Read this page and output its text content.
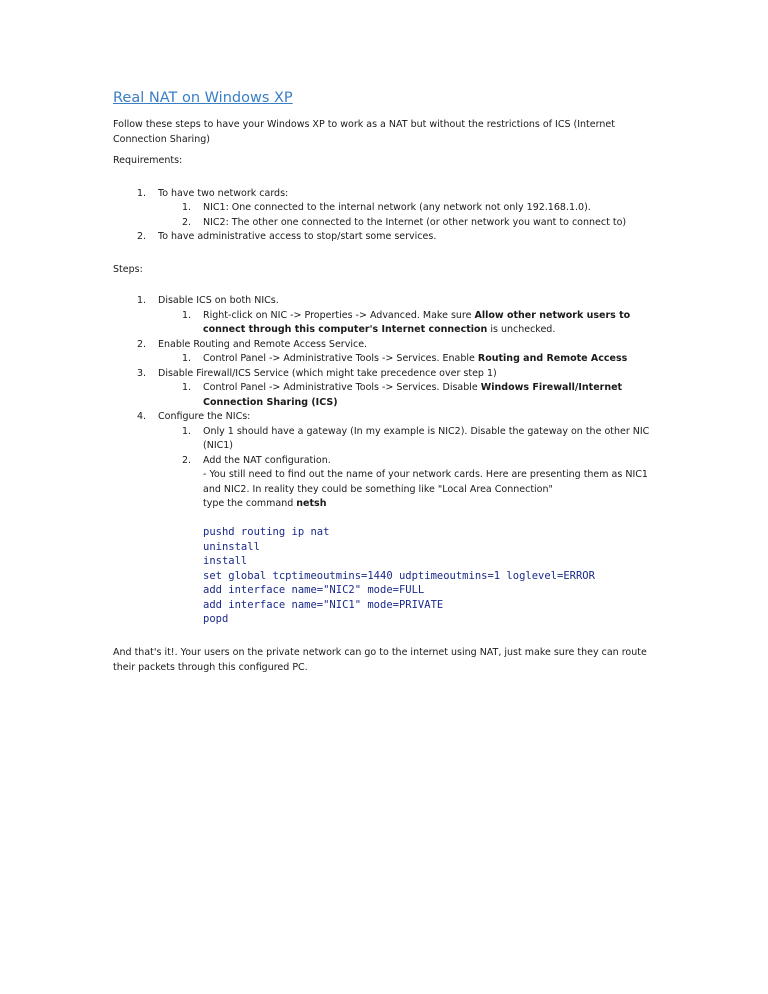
Real NAT on Windows XP
Follow these steps to have your Windows XP to work as a NAT but without the restrictions of ICS (Internet
Connection Sharing)
Requirements:
1. To have two network cards:
1. NIC1: One connected to the internal network (any network not only 192.168.1.0).
2. NIC2: The other one connected to the Internet (or other network you want to connect to)
2. To have administrative access to stop/start some services.
Steps:
1. Disable ICS on both NICs.
1. Right-click on NIC -> Properties -> Advanced. Make sure Allow other network users to
connect through this computer's Internet connection is unchecked.
2. Enable Routing and Remote Access Service.
1. Control Panel -> Administrative Tools -> Services. Enable Routing and Remote Access
3. Disable Firewall/ICS Service (which might take precedence over step 1)
1. Control Panel -> Administrative Tools -> Services. Disable Windows Firewall/Internet
Connection Sharing (ICS)
4. Configure the NICs:
1. Only 1 should have a gateway (In my example is NIC2). Disable the gateway on the other NIC
(NIC1)
2. Add the NAT configuration.
- You still need to find out the name of your network cards. Here are presenting them as NIC1
and NIC2. In reality they could be something like "Local Area Connection"
type the command netsh
pushd routing ip nat
uninstall
install
set global tcptimeoutmins=1440 udptimeoutmins=1 loglevel=ERROR
add interface name="NIC2" mode=FULL
add interface name="NIC1" mode=PRIVATE
popd
And that's it!. Your users on the private network can go to the internet using NAT, just make sure they can route
their packets through this configured PC.
